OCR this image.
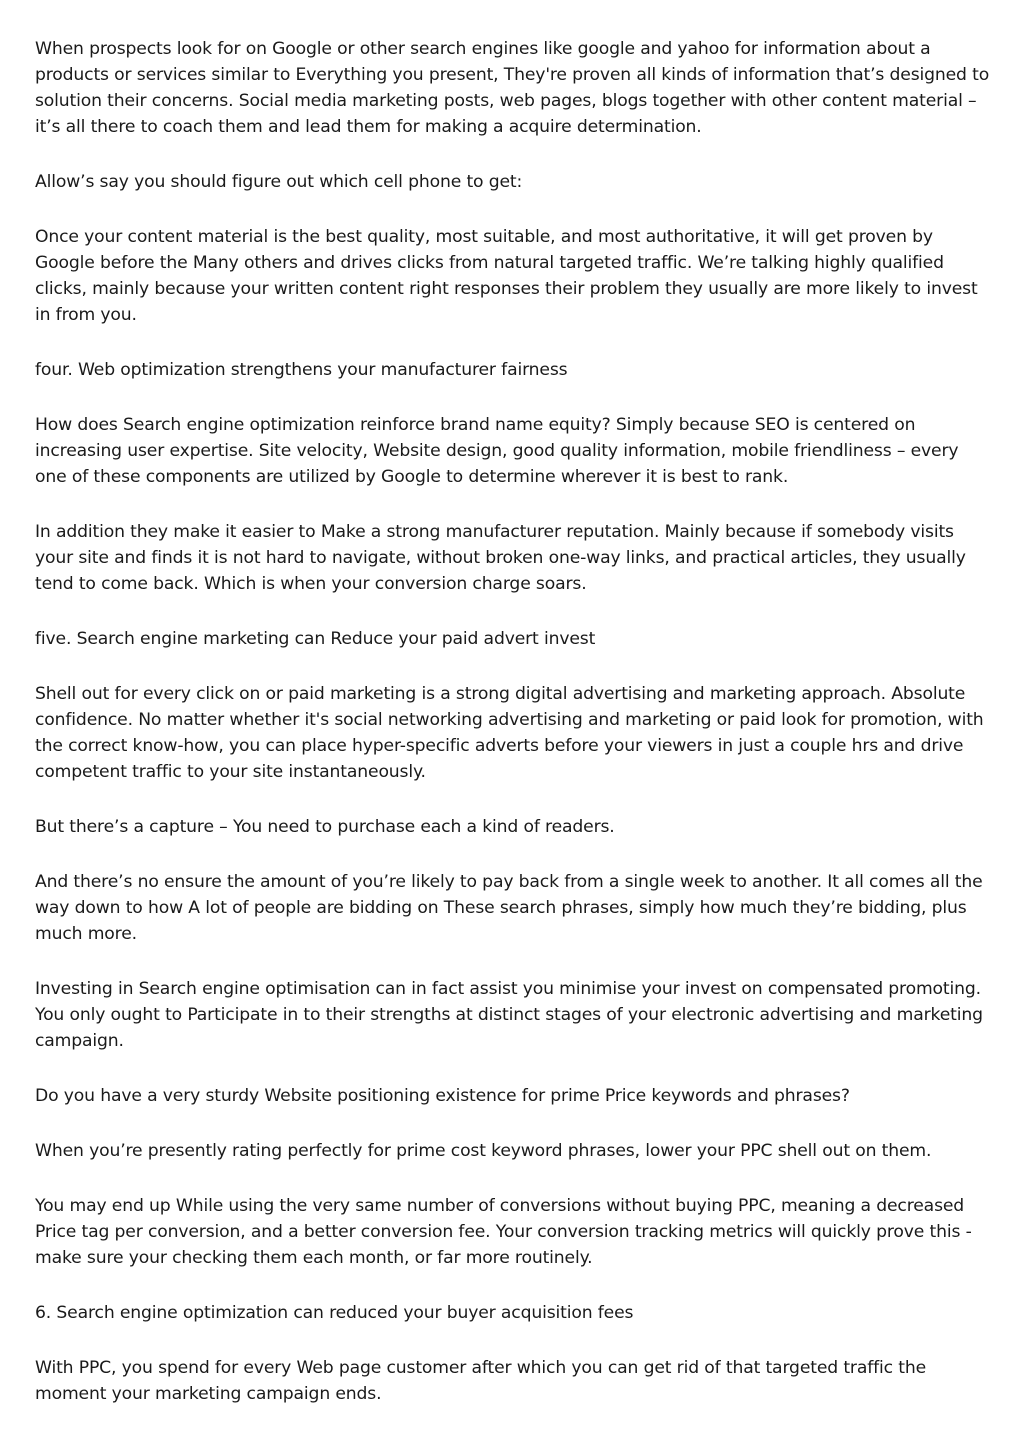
When prospects look for on Google or other search engines like google and yahoo for information about a products or services similar to Everything you present, They're proven all kinds of information that’s designed to solution their concerns. Social media marketing posts, web pages, blogs together with other content material – it’s all there to coach them and lead them for making a acquire determination.

Allow’s say you should figure out which cell phone to get:

Once your content material is the best quality, most suitable, and most authoritative, it will get proven by Google before the Many others and drives clicks from natural targeted traffic. We’re talking highly qualified clicks, mainly because your written content right responses their problem they usually are more likely to invest in from you.

four. Web optimization strengthens your manufacturer fairness

How does Search engine optimization reinforce brand name equity? Simply because SEO is centered on increasing user expertise. Site velocity, Website design, good quality information, mobile friendliness – every one of these components are utilized by Google to determine wherever it is best to rank.

In addition they make it easier to Make a strong manufacturer reputation. Mainly because if somebody visits your site and finds it is not hard to navigate, without broken one-way links, and practical articles, they usually tend to come back. Which is when your conversion charge soars.

five. Search engine marketing can Reduce your paid advert invest

Shell out for every click on or paid marketing is a strong digital advertising and marketing approach. Absolute confidence. No matter whether it's social networking advertising and marketing or paid look for promotion, with the correct know-how, you can place hyper-specific adverts before your viewers in just a couple hrs and drive competent traffic to your site instantaneously.

But there’s a capture – You need to purchase each a kind of readers.

And there’s no ensure the amount of you’re likely to pay back from a single week to another. It all comes all the way down to how A lot of people are bidding on These search phrases, simply how much they’re bidding, plus much more.

Investing in Search engine optimisation can in fact assist you minimise your invest on compensated promoting. You only ought to Participate in to their strengths at distinct stages of your electronic advertising and marketing campaign.

Do you have a very sturdy Website positioning existence for prime Price keywords and phrases?

When you’re presently rating perfectly for prime cost keyword phrases, lower your PPC shell out on them.

You may end up While using the very same number of conversions without buying PPC, meaning a decreased Price tag per conversion, and a better conversion fee. Your conversion tracking metrics will quickly prove this - make sure your checking them each month, or far more routinely.

6. Search engine optimization can reduced your buyer acquisition fees

With PPC, you spend for every Web page customer after which you can get rid of that targeted traffic the moment your marketing campaign ends.
